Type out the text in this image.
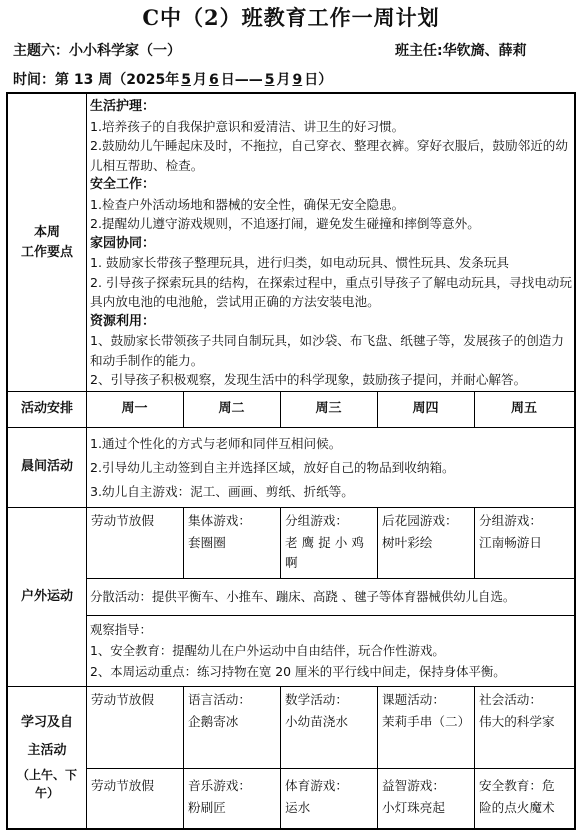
C中（2）班教育工作一周计划
主题六：小小科学家（一）	班主任:华钦旖、薛莉
时间：第 13 周（2025年 5 月 6 日—— 5 月 9 日）
本周
工作要点
生活护理：

1.培养孩子的自我保护意识和爱清洁、讲卫生的好习惯。

2.鼓励幼儿午睡起床及时，不拖拉，自己穿衣、整理衣裤。穿好衣服后，鼓励邻近的幼儿相互帮助、检查。

安全工作：

1.检查户外活动场地和器械的安全性，确保无安全隐患。

2.提醒幼儿遵守游戏规则，不追逐打闹，避免发生碰撞和摔倒等意外。

家园协同：

1. 鼓励家长带孩子整理玩具，进行归类，如电动玩具、惯性玩具、发条玩具

2. 引导孩子探索玩具的结构，在探索过程中，重点引导孩子了解电动玩具，寻找电动玩具内放电池的电池舱，尝试用正确的方法安装电池。

资源利用：

1、鼓励家长带领孩子共同自制玩具，如沙袋、布飞盘、纸毽子等，发展孩子的创造力和动手制作的能力。

2、引导孩子积极观察，发现生活中的科学现象，鼓励孩子提问，并耐心解答。

活动安排	周一	周二	周三	周四	周五
晨间活动

1.通过个性化的方式与老师和同伴互相问候。

2.引导幼儿主动签到自主并选择区域，放好自己的物品到收纳箱。

3.幼儿自主游戏：泥工、画画、剪纸、折纸等。

户外运动
劳动节放假	集体游戏：
套圈圈
分组游戏：
老 鹰 捉 小 鸡啊
后花园游戏：
树叶彩绘
分组游戏：
江南畅游日
分散活动：提供平衡车、小推车、蹦床、高跷 、毽子等体育器械供幼儿自选。

观察指导：

1、安全教育：提醒幼儿在户外运动中自由结伴，玩合作性游戏。

2、本周运动重点：练习持物在宽 20 厘米的平行线中间走，保持身体平衡。

学习及自
主活动
（上午、下午）
劳动节放假	语言活动：
企鹅寄冰
数学活动：
小幼苗浇水
课题活动：
茉莉手串（二）
社会活动：
伟大的科学家
劳动节放假	音乐游戏：
粉刷匠
体育游戏：
运水
益智游戏：
小灯珠亮起
安全教育：危
险的点火魔术
